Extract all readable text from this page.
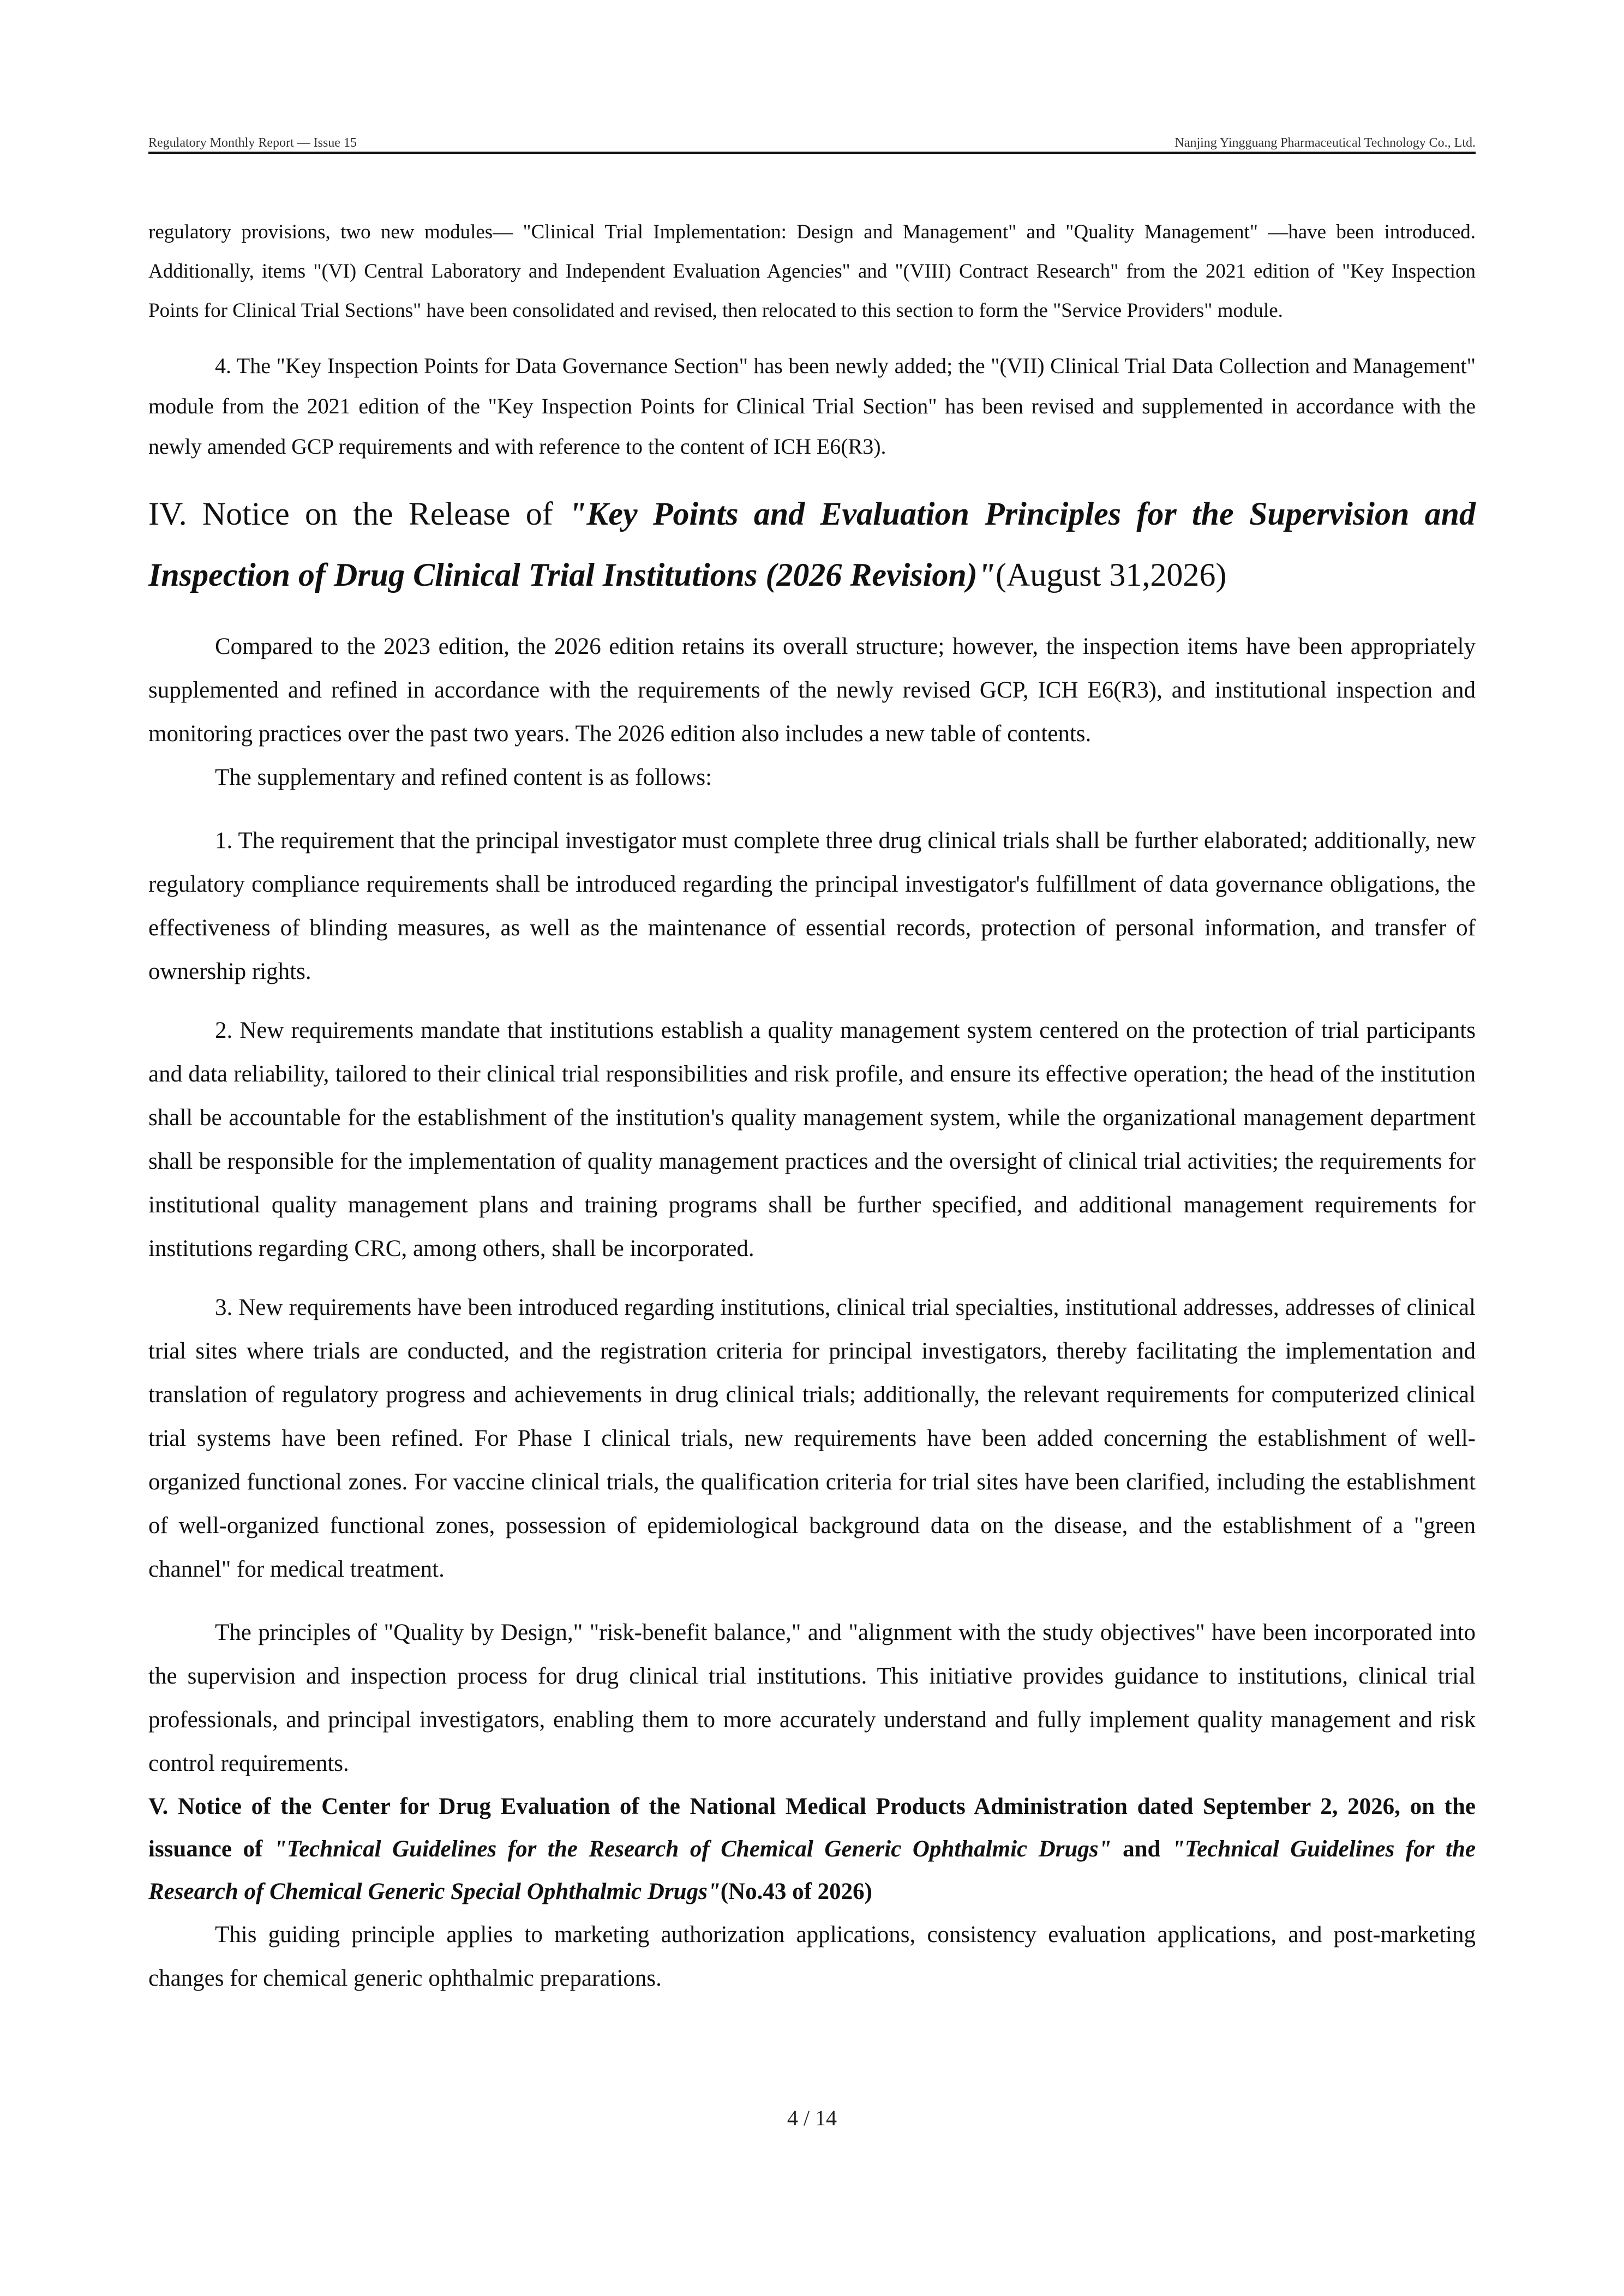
Regulatory Monthly Report — Issue 15	Nanjing Yingguang Pharmaceutical Technology Co., Ltd.

regulatory provisions, two new modules— "Clinical Trial Implementation: Design and Management" and "Quality Management" —have been introduced. Additionally, items "(VI) Central Laboratory and Independent Evaluation Agencies" and "(VIII) Contract Research" from the 2021 edition of "Key Inspection Points for Clinical Trial Sections" have been consolidated and revised, then relocated to this section to form the "Service Providers" module.

4. The "Key Inspection Points for Data Governance Section" has been newly added; the "(VII) Clinical Trial Data Collection and Management" module from the 2021 edition of the "Key Inspection Points for Clinical Trial Section" has been revised and supplemented in accordance with the newly amended GCP requirements and with reference to the content of ICH E6(R3).

IV. Notice on the Release of "Key Points and Evaluation Principles for the Supervision and Inspection of Drug Clinical Trial Institutions (2026 Revision)"(August 31,2026)

Compared to the 2023 edition, the 2026 edition retains its overall structure; however, the inspection items have been appropriately supplemented and refined in accordance with the requirements of the newly revised GCP, ICH E6(R3), and institutional inspection and monitoring practices over the past two years. The 2026 edition also includes a new table of contents.

The supplementary and refined content is as follows:

1. The requirement that the principal investigator must complete three drug clinical trials shall be further elaborated; additionally, new regulatory compliance requirements shall be introduced regarding the principal investigator's fulfillment of data governance obligations, the effectiveness of blinding measures, as well as the maintenance of essential records, protection of personal information, and transfer of ownership rights.

2. New requirements mandate that institutions establish a quality management system centered on the protection of trial participants and data reliability, tailored to their clinical trial responsibilities and risk profile, and ensure its effective operation; the head of the institution shall be accountable for the establishment of the institution's quality management system, while the organizational management department shall be responsible for the implementation of quality management practices and the oversight of clinical trial activities; the requirements for institutional quality management plans and training programs shall be further specified, and additional management requirements for institutions regarding CRC, among others, shall be incorporated.

3. New requirements have been introduced regarding institutions, clinical trial specialties, institutional addresses, addresses of clinical trial sites where trials are conducted, and the registration criteria for principal investigators, thereby facilitating the implementation and translation of regulatory progress and achievements in drug clinical trials; additionally, the relevant requirements for computerized clinical trial systems have been refined. For Phase I clinical trials, new requirements have been added concerning the establishment of well-organized functional zones. For vaccine clinical trials, the qualification criteria for trial sites have been clarified, including the establishment of well-organized functional zones, possession of epidemiological background data on the disease, and the establishment of a "green channel" for medical treatment.

The principles of "Quality by Design," "risk-benefit balance," and "alignment with the study objectives" have been incorporated into the supervision and inspection process for drug clinical trial institutions. This initiative provides guidance to institutions, clinical trial professionals, and principal investigators, enabling them to more accurately understand and fully implement quality management and risk control requirements.

V. Notice of the Center for Drug Evaluation of the National Medical Products Administration dated September 2, 2026, on the issuance of "Technical Guidelines for the Research of Chemical Generic Ophthalmic Drugs" and "Technical Guidelines for the Research of Chemical Generic Special Ophthalmic Drugs"(No.43 of 2026)

This guiding principle applies to marketing authorization applications, consistency evaluation applications, and post-marketing changes for chemical generic ophthalmic preparations.

4 / 14
